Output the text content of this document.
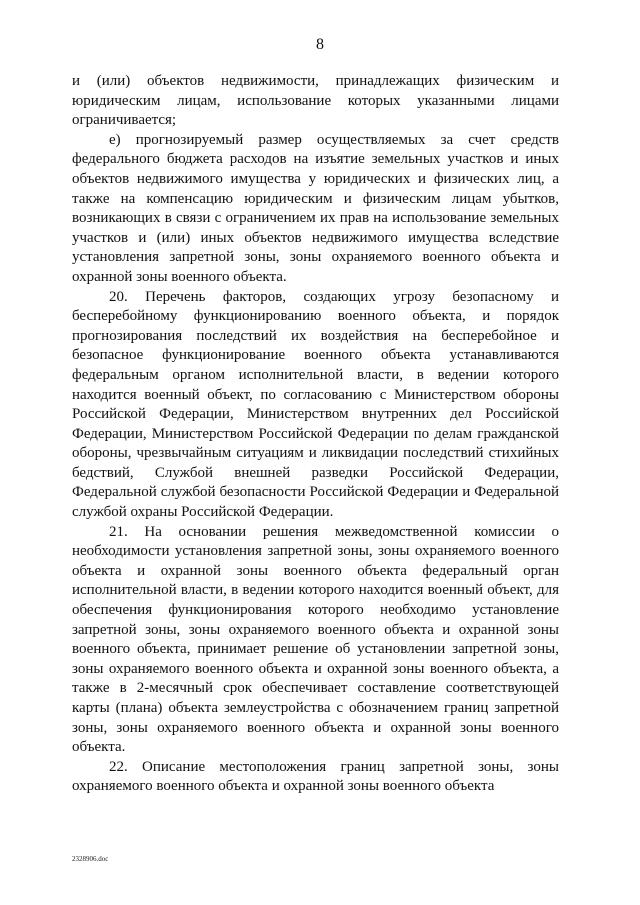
8

и (или) объектов недвижимости, принадлежащих физическим и юридическим лицам, использование которых указанными лицами ограничивается;

е) прогнозируемый размер осуществляемых за счет средств федерального бюджета расходов на изъятие земельных участков и иных объектов недвижимого имущества у юридических и физических лиц, а также на компенсацию юридическим и физическим лицам убытков, возникающих в связи с ограничением их прав на использование земельных участков и (или) иных объектов недвижимого имущества вследствие установления запретной зоны, зоны охраняемого военного объекта и охранной зоны военного объекта.

20. Перечень факторов, создающих угрозу безопасному и бесперебойному функционированию военного объекта, и порядок прогнозирования последствий их воздействия на бесперебойное и безопасное функционирование военного объекта устанавливаются федеральным органом исполнительной власти, в ведении которого находится военный объект, по согласованию с Министерством обороны Российской Федерации, Министерством внутренних дел Российской Федерации, Министерством Российской Федерации по делам гражданской обороны, чрезвычайным ситуациям и ликвидации последствий стихийных бедствий, Службой внешней разведки Российской Федерации, Федеральной службой безопасности Российской Федерации и Федеральной службой охраны Российской Федерации.

21. На основании решения межведомственной комиссии о необходимости установления запретной зоны, зоны охраняемого военного объекта и охранной зоны военного объекта федеральный орган исполнительной власти, в ведении которого находится военный объект, для обеспечения функционирования которого необходимо установление запретной зоны, зоны охраняемого военного объекта и охранной зоны военного объекта, принимает решение об установлении запретной зоны, зоны охраняемого военного объекта и охранной зоны военного объекта, а также в 2-месячный срок обеспечивает составление соответствующей карты (плана) объекта землеустройства с обозначением границ запретной зоны, зоны охраняемого военного объекта и охранной зоны военного объекта.

22. Описание местоположения границ запретной зоны, зоны охраняемого военного объекта и охранной зоны военного объекта

2328906.doc
